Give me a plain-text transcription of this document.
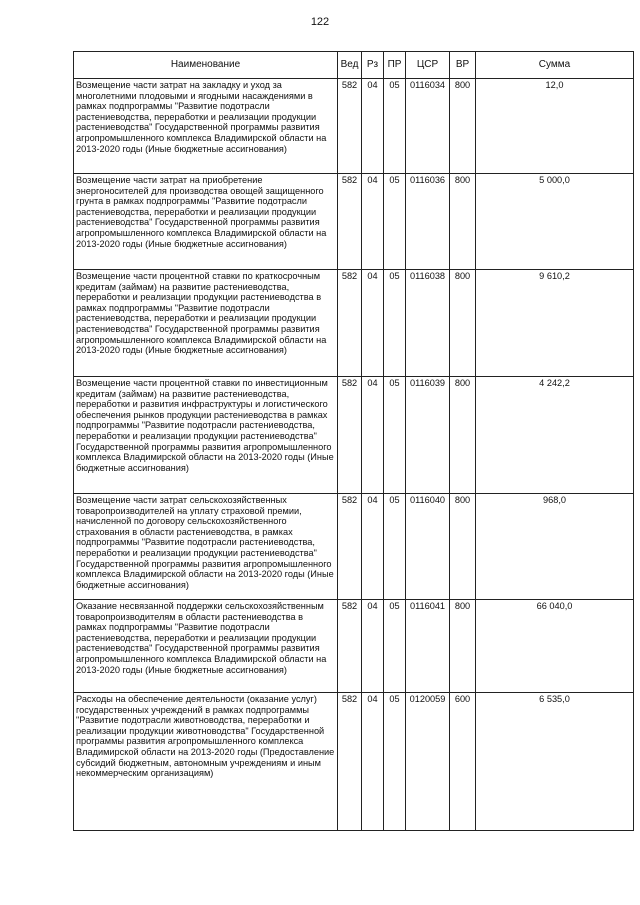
122
Наименование	Вед	Рз	ПР	ЦСР	ВР	Сумма
Возмещение части затрат на закладку и уход за многолетними плодовыми и ягодными насаждениями в рамках подпрограммы "Развитие подотрасли растениеводства, переработки и реализации продукции растениеводства" Государственной программы развития агропромышленного комплекса Владимирской области на 2013-2020 годы (Иные бюджетные ассигнования)	582	04	05	0116034	800	12,0
Возмещение части затрат на приобретение энергоносителей для производства овощей защищенного грунта в рамках подпрограммы "Развитие подотрасли растениеводства, переработки и реализации продукции растениеводства" Государственной программы развития агропромышленного комплекса Владимирской области на 2013-2020 годы (Иные бюджетные ассигнования)	582	04	05	0116036	800	5 000,0
Возмещение части процентной ставки по краткосрочным кредитам (займам) на развитие растениеводства, переработки и реализации продукции растениеводства в рамках подпрограммы "Развитие подотрасли растениеводства, переработки и реализации продукции растениеводства" Государственной программы развития агропромышленного комплекса Владимирской области на 2013-2020 годы (Иные бюджетные ассигнования)	582	04	05	0116038	800	9 610,2
Возмещение части процентной ставки по инвестиционным кредитам (займам) на развитие растениеводства, переработки и развития инфраструктуры и логистического обеспечения рынков продукции растениеводства в рамках подпрограммы "Развитие подотрасли растениеводства, переработки и реализации продукции растениеводства" Государственной программы развития агропромышленного комплекса Владимирской области на 2013-2020 годы (Иные бюджетные ассигнования)	582	04	05	0116039	800	4 242,2
Возмещение части затрат сельскохозяйственных товаропроизводителей на уплату страховой премии, начисленной по договору сельскохозяйственного страхования в области растениеводства, в рамках подпрограммы "Развитие подотрасли растениеводства, переработки и реализации продукции растениеводства" Государственной программы развития агропромышленного комплекса Владимирской области на 2013-2020 годы (Иные бюджетные ассигнования)	582	04	05	0116040	800	968,0
Оказание несвязанной поддержки сельскохозяйственным товаропроизводителям в области растениеводства в рамках подпрограммы "Развитие подотрасли растениеводства, переработки и реализации продукции растениеводства" Государственной программы развития агропромышленного комплекса Владимирской области на 2013-2020 годы (Иные бюджетные ассигнования)	582	04	05	0116041	800	66 040,0
Расходы на обеспечение деятельности (оказание услуг) государственных учреждений в рамках подпрограммы "Развитие подотрасли животноводства, переработки и реализации продукции животноводства" Государственной программы развития агропромышленного комплекса Владимирской области на 2013-2020 годы (Предоставление субсидий бюджетным, автономным учреждениям и иным некоммерческим организациям)	582	04	05	0120059	600	6 535,0
